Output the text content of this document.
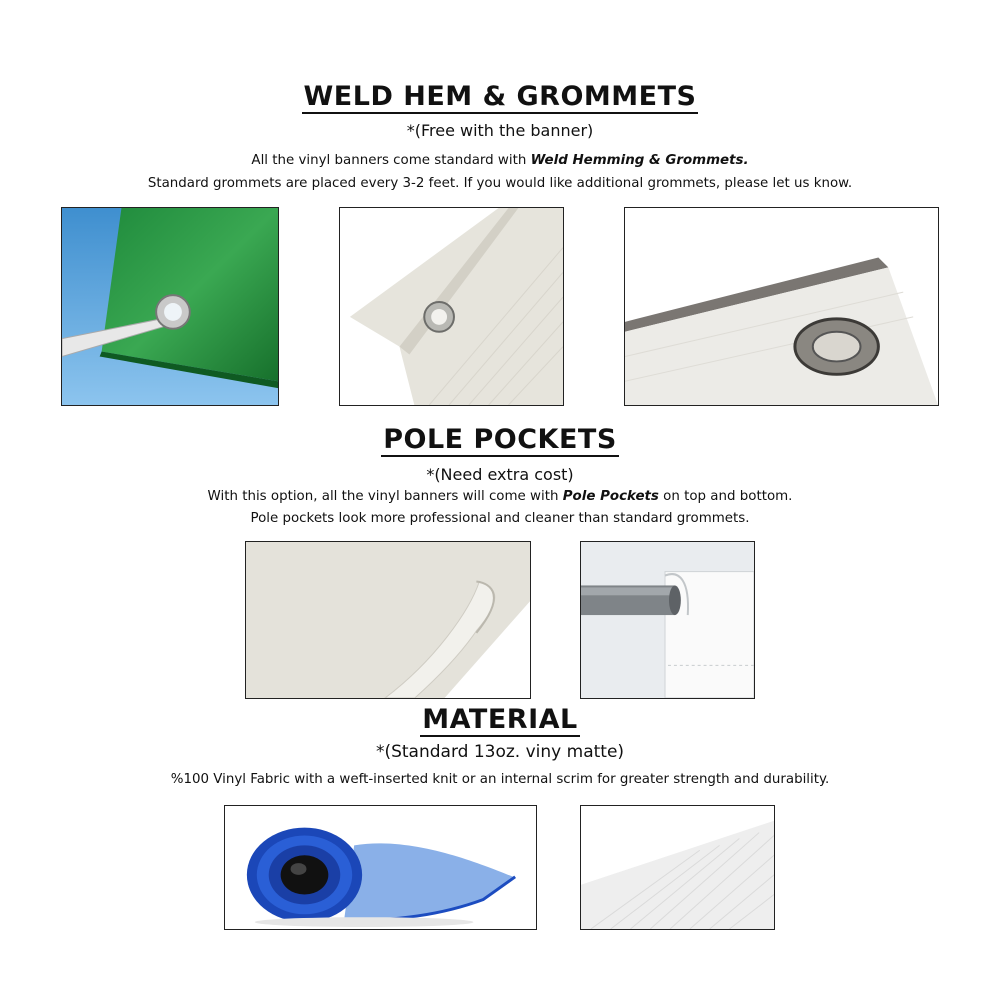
WELD HEM & GROMMETS
*(Free with the banner)
All the vinyl banners come standard with Weld Hemming & Grommets.
Standard grommets are placed every 3-2 feet. If you would like additional grommets, please let us know.
POLE POCKETS
*(Need extra cost)
With this option, all the vinyl banners will come with Pole Pockets on top and bottom.
Pole pockets look more professional and cleaner than standard grommets.
MATERIAL
*(Standard 13oz. viny matte)
%100 Vinyl Fabric with a weft-inserted knit or an internal scrim for greater strength and durability.
